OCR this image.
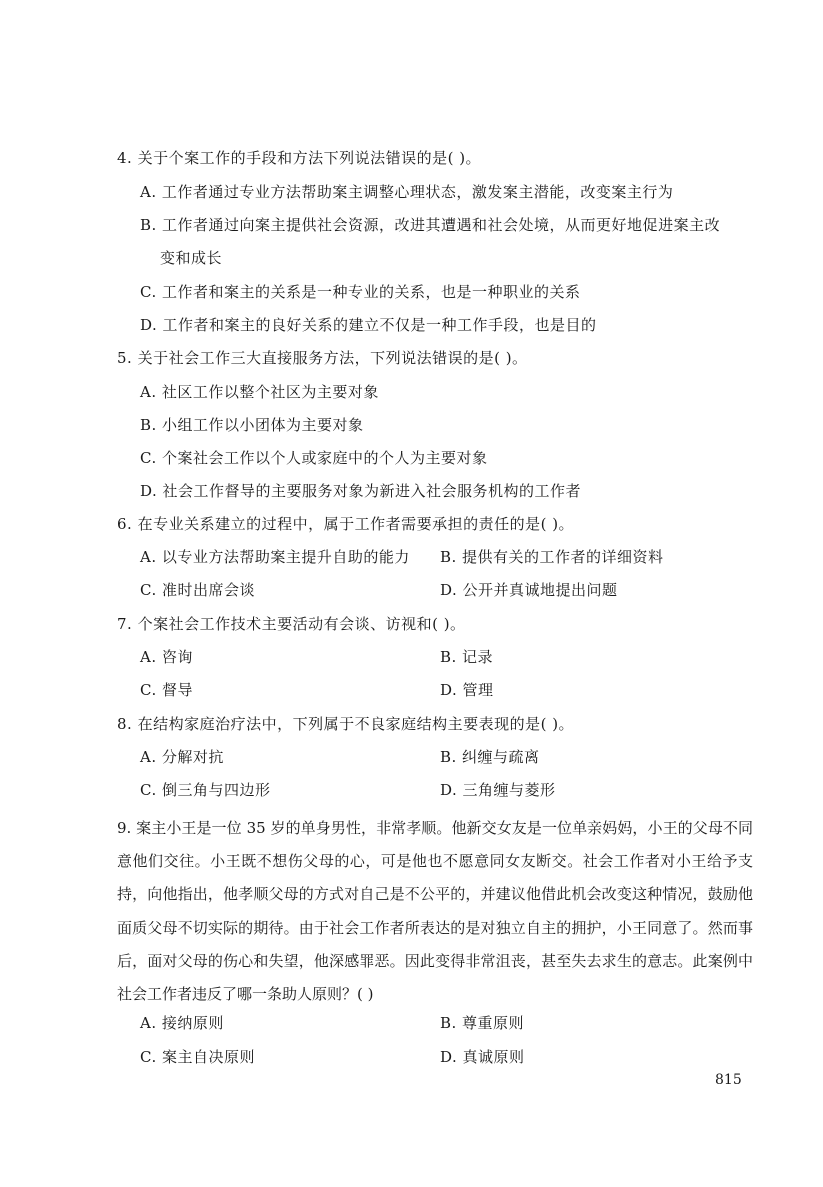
4. 关于个案工作的手段和方法下列说法错误的是( )。
A. 工作者通过专业方法帮助案主调整心理状态，激发案主潜能，改变案主行为
B. 工作者通过向案主提供社会资源，改进其遭遇和社会处境，从而更好地促进案主改
变和成长
C. 工作者和案主的关系是一种专业的关系，也是一种职业的关系
D. 工作者和案主的良好关系的建立不仅是一种工作手段，也是目的
5. 关于社会工作三大直接服务方法，下列说法错误的是( )。
A. 社区工作以整个社区为主要对象
B. 小组工作以小团体为主要对象
C. 个案社会工作以个人或家庭中的个人为主要对象
D. 社会工作督导的主要服务对象为新进入社会服务机构的工作者
6. 在专业关系建立的过程中，属于工作者需要承担的责任的是( )。
A. 以专业方法帮助案主提升自助的能力 B. 提供有关的工作者的详细资料
C. 准时出席会谈	D. 公开并真诚地提出问题
7. 个案社会工作技术主要活动有会谈、访视和( )。
A. 咨询	B. 记录
C. 督导	D. 管理
8. 在结构家庭治疗法中，下列属于不良家庭结构主要表现的是( )。
A. 分解对抗	B. 纠缠与疏离
C. 倒三角与四边形	D. 三角缠与菱形
9. 案主小王是一位 35 岁的单身男性，非常孝顺。他新交女友是一位单亲妈妈，小王的父母不同意他们交往。小王既不想伤父母的心，可是他也不愿意同女友断交。社会工作者对小王给予支持，向他指出，他孝顺父母的方式对自己是不公平的，并建议他借此机会改变这种情况，鼓励他面质父母不切实际的期待。由于社会工作者所表达的是对独立自主的拥护，小王同意了。然而事后，面对父母的伤心和失望，他深感罪恶。因此变得非常沮丧，甚至失去求生的意志。此案例中社会工作者违反了哪一条助人原则？( )
A. 接纳原则	B. 尊重原则
C. 案主自决原则	D. 真诚原则
815
